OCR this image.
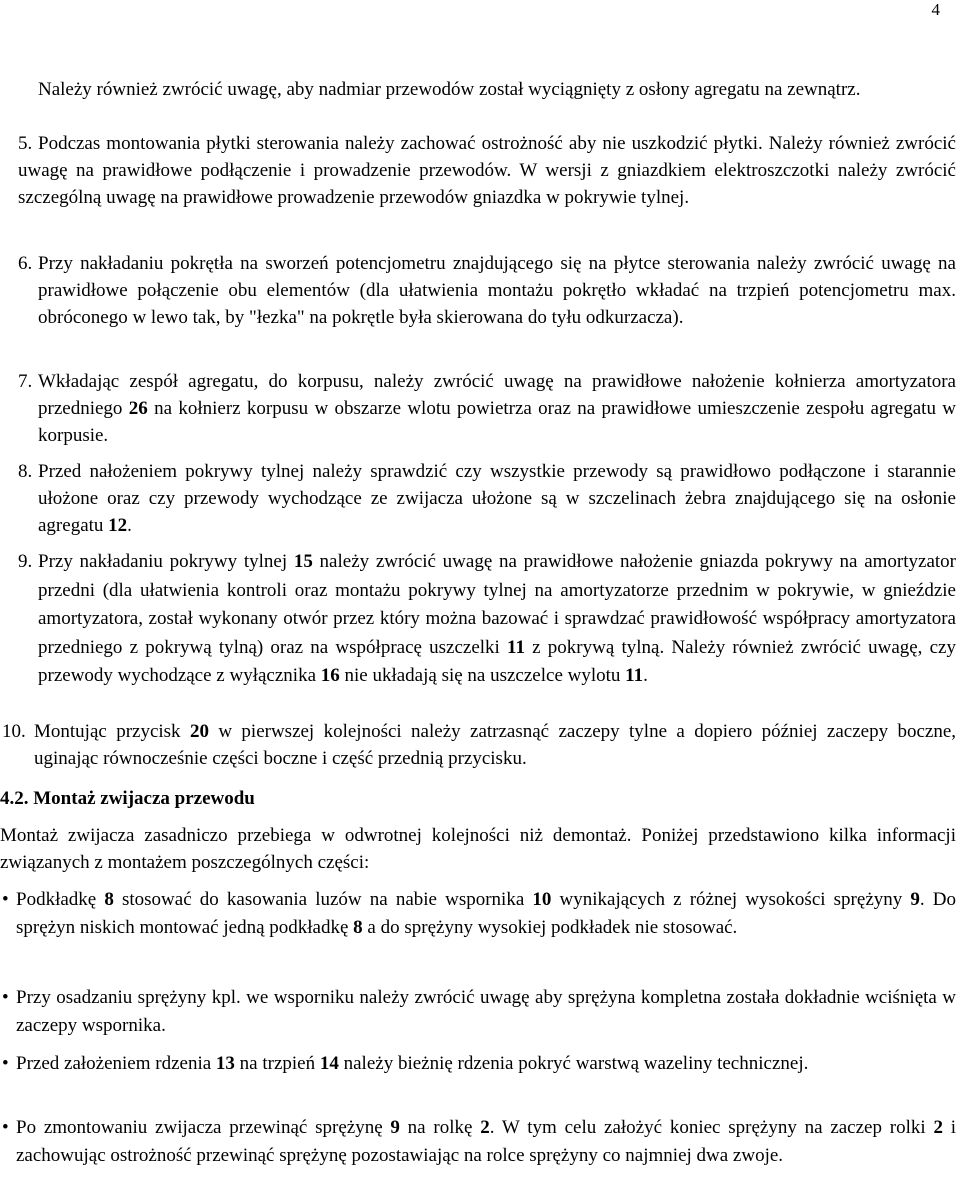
4

Należy również zwrócić uwagę, aby nadmiar przewodów został wyciągnięty z osłony agregatu na zewnątrz.

5. Podczas montowania płytki sterowania należy zachować ostrożność aby nie uszkodzić płytki. Należy również zwrócić uwagę na prawidłowe podłączenie i prowadzenie przewodów. W wersji z gniazdkiem elektroszczotki należy zwrócić szczególną uwagę na prawidłowe prowadzenie przewodów gniazdka w pokrywie tylnej.

6. Przy nakładaniu pokrętła na sworzeń potencjometru znajdującego się na płytce sterowania należy zwrócić uwagę na prawidłowe połączenie obu elementów (dla ułatwienia montażu pokrętło wkładać na trzpień potencjometru max. obróconego w lewo tak, by "łezka" na pokrętle była skierowana do tyłu odkurzacza).

7. Wkładając zespół agregatu, do korpusu, należy zwrócić uwagę na prawidłowe nałożenie kołnierza amortyzatora przedniego 26 na kołnierz korpusu w obszarze wlotu powietrza oraz na prawidłowe umieszczenie zespołu agregatu w korpusie.

8. Przed nałożeniem pokrywy tylnej należy sprawdzić czy wszystkie przewody są prawidłowo podłączone i starannie ułożone oraz czy przewody wychodzące ze zwijacza ułożone są w szczelinach żebra znajdującego się na osłonie agregatu 12.

9. Przy nakładaniu pokrywy tylnej 15 należy zwrócić uwagę na prawidłowe nałożenie gniazda pokrywy na amortyzator przedni (dla ułatwienia kontroli oraz montażu pokrywy tylnej na amortyzatorze przednim w pokrywie, w gnieździe amortyzatora, został wykonany otwór przez który można bazować i sprawdzać prawidłowość współpracy amortyzatora przedniego z pokrywą tylną) oraz na współpracę uszczelki 11 z pokrywą tylną. Należy również zwrócić uwagę, czy przewody wychodzące z wyłącznika 16 nie układają się na uszczelce wylotu 11.

10. Montując przycisk 20 w pierwszej kolejności należy zatrzasnąć zaczepy tylne a dopiero później zaczepy boczne, uginając równocześnie części boczne i część przednią przycisku.

4.2. Montaż zwijacza przewodu

Montaż zwijacza zasadniczo przebiega w odwrotnej kolejności niż demontaż. Poniżej przedstawiono kilka informacji związanych z montażem poszczególnych części:

• Podkładkę 8 stosować do kasowania luzów na nabie wspornika 10 wynikających z różnej wysokości sprężyny 9. Do sprężyn niskich montować jedną podkładkę 8 a do sprężyny wysokiej podkładek nie stosować.
• Przy osadzaniu sprężyny kpl. we wsporniku należy zwrócić uwagę aby sprężyna kompletna została dokładnie wciśnięta w zaczepy wspornika.
• Przed założeniem rdzenia 13 na trzpień 14 należy bieżnię rdzenia pokryć warstwą wazeliny technicznej.
• Po zmontowaniu zwijacza przewinąć sprężynę 9 na rolkę 2. W tym celu założyć koniec sprężyny na zaczep rolki 2 i zachowując ostrożność przewinąć sprężynę pozostawiając na rolce sprężyny co najmniej dwa zwoje.
